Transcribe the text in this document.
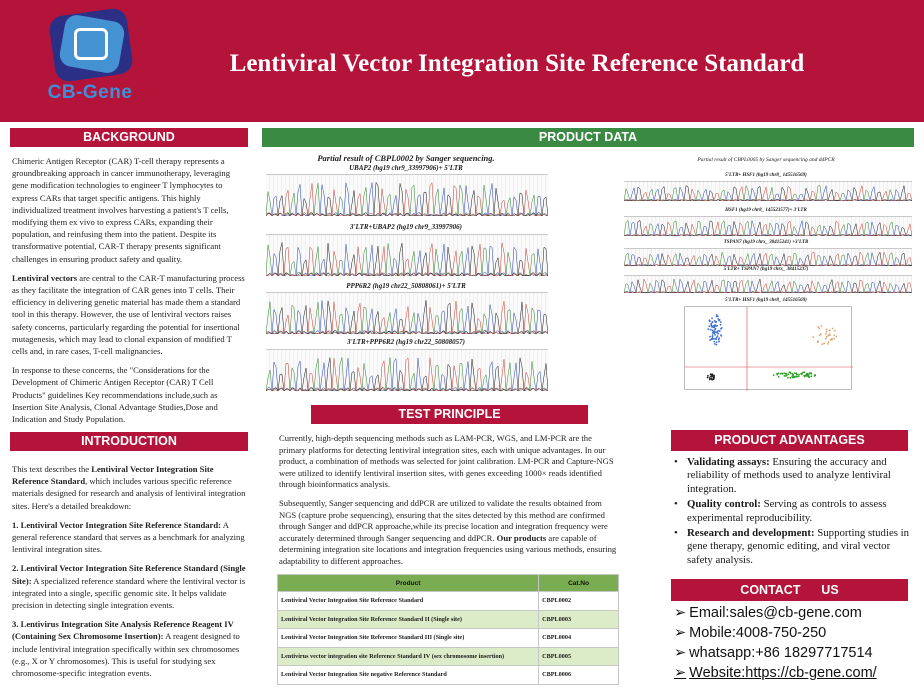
CB-Gene
Lentiviral Vector Integration Site Reference Standard
BACKGROUND

Chimeric Antigen Receptor (CAR) T-cell therapy represents a groundbreaking approach in cancer immunotherapy, leveraging gene modification technologies to engineer T lymphocytes to express CARs that target specific antigens. This highly individualized treatment involves harvesting a patient's T cells, modifying them ex vivo to express CARs, expanding their population, and reinfusing them into the patient. Despite its transformative potential, CAR-T therapy presents significant challenges in ensuring product safety and quality.

Lentiviral vectors are central to the CAR-T manufacturing process as they facilitate the integration of CAR genes into T cells. Their efficiency in delivering genetic material has made them a standard tool in this therapy. However, the use of lentiviral vectors raises safety concerns, particularly regarding the potential for insertional mutagenesis, which may lead to clonal expansion of modified T cells and, in rare cases, T-cell malignancies.

In response to these concerns, the "Considerations for the Development of Chimeric Antigen Receptor (CAR) T Cell Products" guidelines Key recommendations include,such as Insertion Site Analysis, Clonal Advantage Studies,Dose and Indication and Study Population.

INTRODUCTION

This text describes the Lentiviral Vector Integration Site Reference Standard, which includes various specific reference materials designed for research and analysis of lentiviral integration sites. Here's a detailed breakdown:

1. Lentiviral Vector Integration Site Reference Standard: A general reference standard that serves as a benchmark for analyzing lentiviral integration sites.

2. Lentiviral Vector Integration Site Reference Standard (Single Site): A specialized reference standard where the lentiviral vector is integrated into a single, specific genomic site. It helps validate precision in detecting single integration events.

3. Lentivirus Integration Site Analysis Reference Reagent IV (Containing Sex Chromosome Insertion): A reagent designed to include lentiviral integration specifically within sex chromosomes (e.g., X or Y chromosomes). This is useful for studying sex chromosome-specific integration events.

PRODUCT DATA
Partial result of CBPL0002 by Sanger sequencing.
UBAP2 (hg19 chr9_33997906)+ 5'LTR
3'LTR+UBAP2 (hg19 chr9_33997906)
PPP6R2 (hg19 chr22_50808061)+ 5'LTR
3'LTR+PPP6R2 (hg19 chr22_50808057)
Partial result of CBPL0005 by Sanger sequencing and ddPCR
5'LTR+ HSF1 (hg19 chr8_ 145516569)
HSF1 (hg19 chr8_ 145523577)+ 3'LTR
TSPAN7 (hg19 chrx_ 38415241) +3'LTR
5'LTR+ TSPAN7 (hg19 chrx_ 38415237)
5'LTR+ HSF1 (hg19 chr8_ 145516569)
TEST PRINCIPLE

Currently, high-depth sequencing methods such as LAM-PCR, WGS, and LM-PCR are the primary platforms for detecting lentiviral integration sites, each with unique advantages. In our product, a combination of methods was selected for joint calibration. LM-PCR and Capture-NGS were utilized to identify lentiviral insertion sites, with genes exceeding 1000× reads identified through bioinformatics analysis.

Subsequently, Sanger sequencing and ddPCR are utilized to validate the results obtained from NGS (capture probe sequencing), ensuring that the sites detected by this method are confirmed through Sanger and ddPCR approache,while its precise location and integration frequency were accurately determined through Sanger sequencing and ddPCR. Our products are capable of determining integration site locations and integration frequencies using various methods, ensuring adaptability to different approaches.

Product	Cat.No
Lentiviral Vector Integration Site Reference Standard	CBPL0002
Lentiviral Vector Integration Site Reference Standard II (Single site)	CBPL0003
Lentiviral Vector Integration Site Reference Standard III (Single site)	CBPL0004
Lentivirus vector integration site Reference Standard IV (sex chromosome insertion)	CBPL0005
Lentiviral Vector Integration Site negative Reference Standard	CBPL0006
PRODUCT ADVANTAGES
• Validating assays: Ensuring the accuracy and reliability of methods used to analyze lentiviral integration.
• Quality control: Serving as controls to assess experimental reproducibility.
• Research and development: Supporting studies in gene therapy, genomic editing, and viral vector safety analysis.
CONTACT      US
➢ Email:sales@cb-gene.com
➢ Mobile:4008-750-250
➢ whatsapp:+86 18297717514
➢ Website:https://cb-gene.com/
